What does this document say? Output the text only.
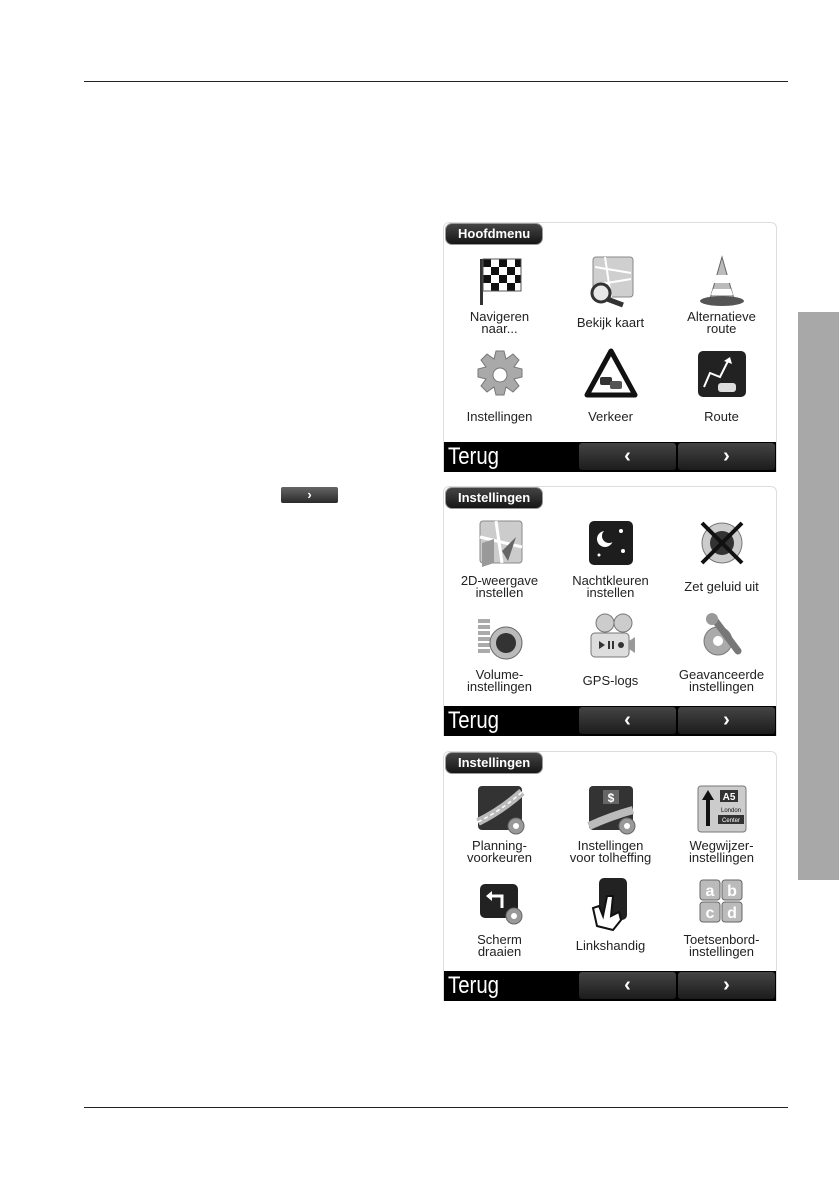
›
Hoofdmenu
Navigeren
naar...	Bekijk kaart	Alternatieve
route
Instellingen	Verkeer	Route
Terug	‹	›
Instellingen
2D-weergave
instellen
Nachtkleuren
instellen	Zet geluid uit
Volume-
instellingen	GPS-logs	Geavanceerde
instellingen
Terug	‹	›
Instellingen
Planning-
voorkeuren
$
Instellingen
voor tolheffing
A5
London
Center
Wegwijzer-
instellingen
Scherm
draaien	Linkshandig
a b
c d
Toetsenbord-
instellingen
Terug	‹	›
